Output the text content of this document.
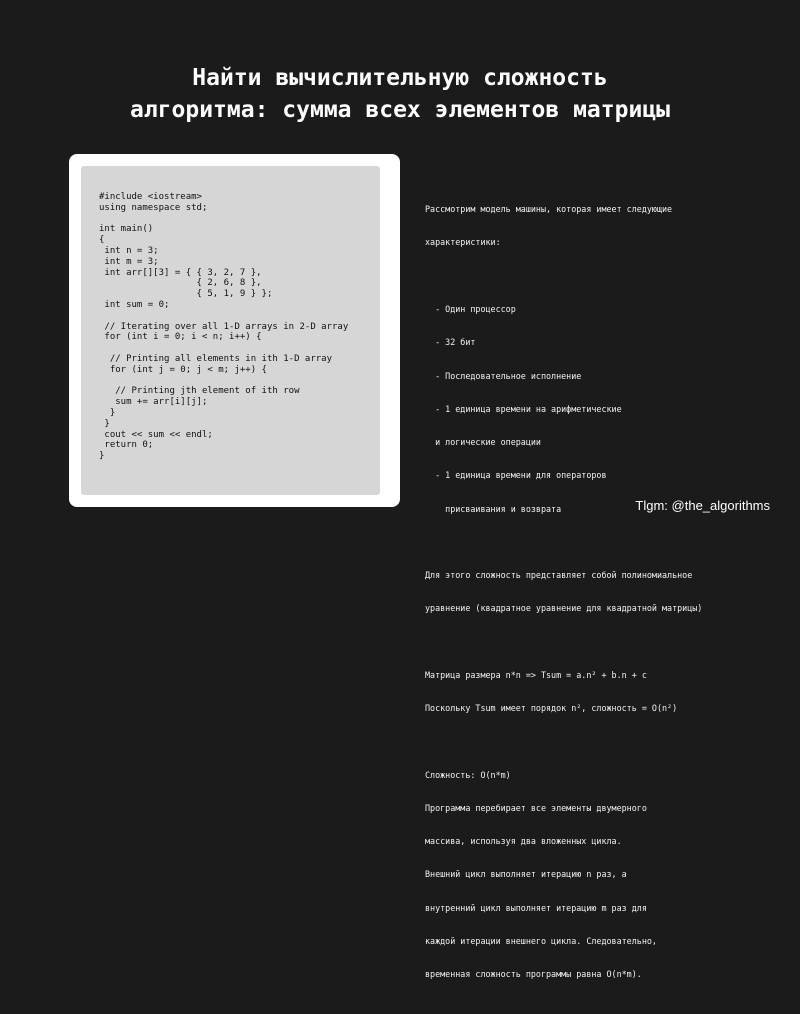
Найти вычислительную сложность
алгоритма: сумма всех элементов матрицы
#include <iostream>
using namespace std;

int main()
{
int n = 3;
int m = 3;
int arr[][3] = { { 3, 2, 7 },
{ 2, 6, 8 },
{ 5, 1, 9 } };
int sum = 0;

// Iterating over all 1-D arrays in 2-D array
for (int i = 0; i < n; i++) {

// Printing all elements in ith 1-D array
for (int j = 0; j < m; j++) {

// Printing jth element of ith row
sum += arr[i][j];
}
}
cout << sum << endl;
return 0;
}

Рассмотрим модель машины, которая имеет следующие

характеристики:

- Один процессор

- 32 бит

- Последовательное исполнение

- 1 единица времени на арифметические

и логические операции

- 1 единица времени для операторов

присваивания и возврата

Для этого сложность представляет собой полиномиальное

уравнение (квадратное уравнение для квадратной матрицы)

Матрица размера n*n => Tsum = a.n² + b.n + c

Поскольку Tsum имеет порядок n², сложность = O(n²)

Сложность: O(n*m)

Программа перебирает все элементы двумерного

массива, используя два вложенных цикла.

Внешний цикл выполняет итерацию n раз, а

внутренний цикл выполняет итерацию m раз для

каждой итерации внешнего цикла. Следовательно,

временная сложность программы равна O(n*m).

Tlgm: @the_algorithms
